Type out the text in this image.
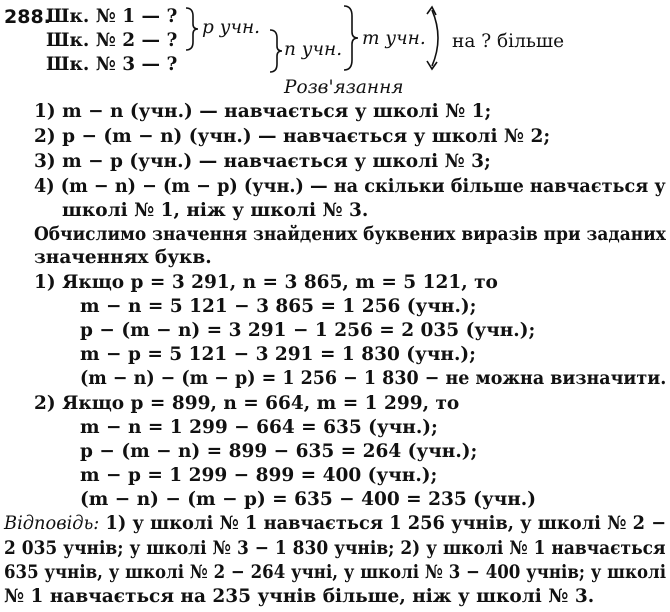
288.
Шк. № 1 — ?
Шк. № 2 — ?
Шк. № 3 — ?
p учн.
n учн.
m учн. на ? більше
Розв'язання
1) m − n (учн.) — навчається у школі № 1;
2) p − (m − n) (учн.) — навчається у школі № 2;
3) m − p (учн.) — навчається у школі № 3;
4) (m − n) − (m − p) (учн.) — на скільки більше навчається у
школі № 1, ніж у школі № 3.
Обчислимо значення знайдених буквених виразів при заданих
значеннях букв.
1) Якщо p = 3 291, n = 3 865, m = 5 121, то
m − n = 5 121 − 3 865 = 1 256 (учн.);
p − (m − n) = 3 291 − 1 256 = 2 035 (учн.);
m − p = 5 121 − 3 291 = 1 830 (учн.);
(m − n) − (m − p) = 1 256 − 1 830 − не можна визначити.
2) Якщо p = 899, n = 664, m = 1 299, то
m − n = 1 299 − 664 = 635 (учн.);
p − (m − n) = 899 − 635 = 264 (учн.);
m − p = 1 299 − 899 = 400 (учн.);
(m − n) − (m − p) = 635 − 400 = 235 (учн.)
Відповідь: 1) у школі № 1 навчається 1 256 учнів, у школі № 2 −
2 035 учнів; у школі № 3 − 1 830 учнів; 2) у школі № 1 навчається
635 учнів, у школі № 2 − 264 учні, у школі № 3 − 400 учнів; у школі
№ 1 навчається на 235 учнів більше, ніж у школі № 3.
